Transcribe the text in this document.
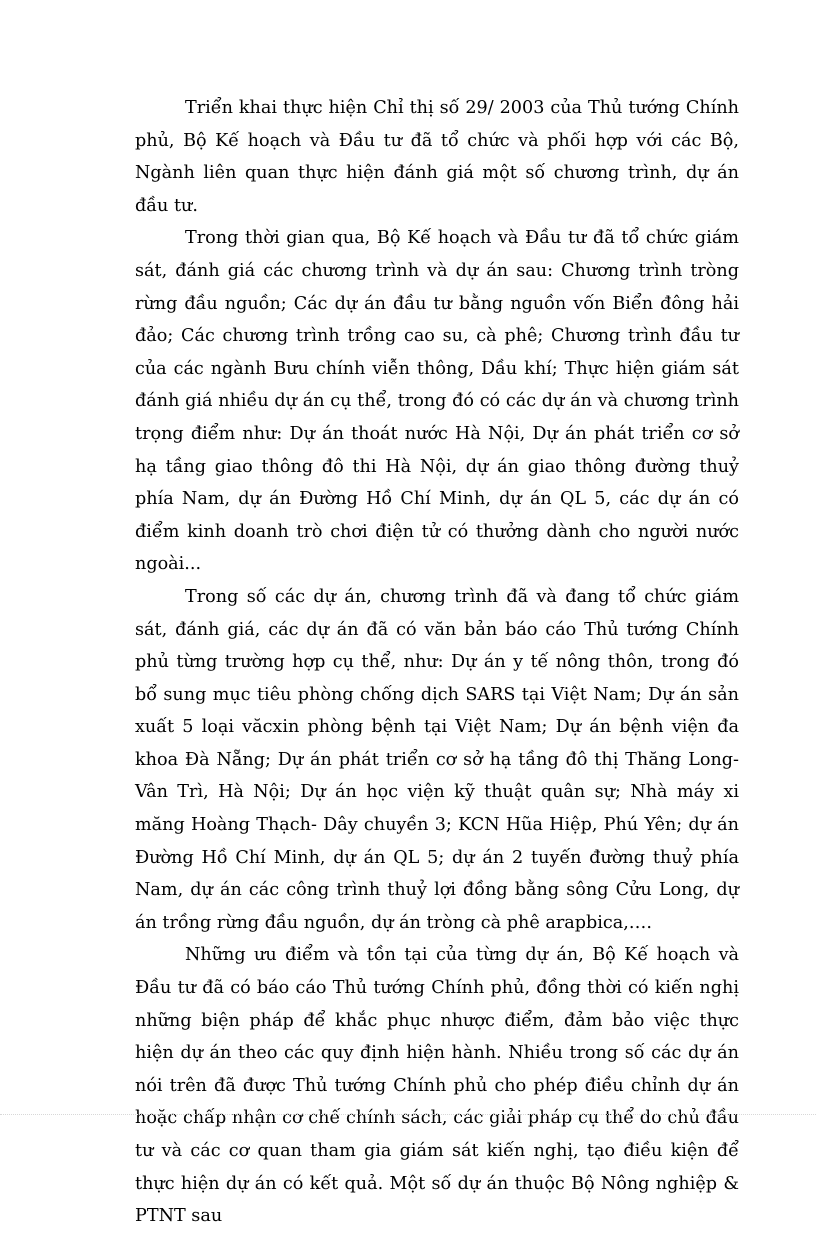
Triển khai thực hiện Chỉ thị số 29/ 2003 của Thủ tướng Chính phủ, Bộ Kế hoạch và Đầu tư đã tổ chức và phối hợp với các Bộ, Ngành liên quan thực hiện đánh giá một số chương trình, dự án đầu tư.

Trong thời gian qua, Bộ Kế hoạch và Đầu tư đã tổ chức giám sát, đánh giá các chương trình và dự án sau: Chương trình tròng rừng đầu nguồn; Các dự án đầu tư bằng nguồn vốn Biển đông hải đảo; Các chương trình trồng cao su, cà phê; Chương trình đầu tư của các ngành Bưu chính viễn thông, Dầu khí; Thực hiện giám sát đánh giá nhiều dự án cụ thể, trong đó có các dự án và chương trình trọng điểm như: Dự án thoát nước Hà Nội, Dự án phát triển cơ sở hạ tầng giao thông đô thi Hà Nội, dự án giao thông đường thuỷ phía Nam, dự án Đường Hồ Chí Minh, dự án QL 5, các dự án có điểm kinh doanh trò chơi điện tử có thưởng dành cho người nước ngoài...

Trong số các dự án, chương trình đã và đang tổ chức giám sát, đánh giá, các dự án đã có văn bản báo cáo Thủ tướng Chính phủ từng trường hợp cụ thể, như: Dự án y tế nông thôn, trong đó bổ sung mục tiêu phòng chống dịch SARS tại Việt Nam; Dự án sản xuất 5 loại văcxin phòng bệnh tại Việt Nam; Dự án bệnh viện đa khoa Đà Nẵng; Dự án phát triển cơ sở hạ tầng đô thị Thăng Long- Vân Trì, Hà Nội; Dự án học viện kỹ thuật quân sự; Nhà máy xi măng Hoàng Thạch- Dây chuyền 3; KCN Hũa Hiệp, Phú Yên; dự án Đường Hồ Chí Minh, dự án QL 5; dự án 2 tuyến đường thuỷ phía Nam, dự án các công trình thuỷ lợi đồng bằng sông Cửu Long, dự án trồng rừng đầu nguồn, dự án tròng cà phê arapbica,….

Những ưu điểm và tồn tại của từng dự án, Bộ Kế hoạch và Đầu tư đã có báo cáo Thủ tướng Chính phủ, đồng thời có kiến nghị những biện pháp để khắc phục nhược điểm, đảm bảo việc thực hiện dự án theo các quy định hiện hành. Nhiều trong số các dự án nói trên đã được Thủ tướng Chính phủ cho phép điều chỉnh dự án hoặc chấp nhận cơ chế chính sách, các giải pháp cụ thể do chủ đầu tư và các cơ quan tham gia giám sát kiến nghị, tạo điều kiện để thực hiện dự án có kết quả. Một số dự án thuộc Bộ Nông nghiệp & PTNT sau
